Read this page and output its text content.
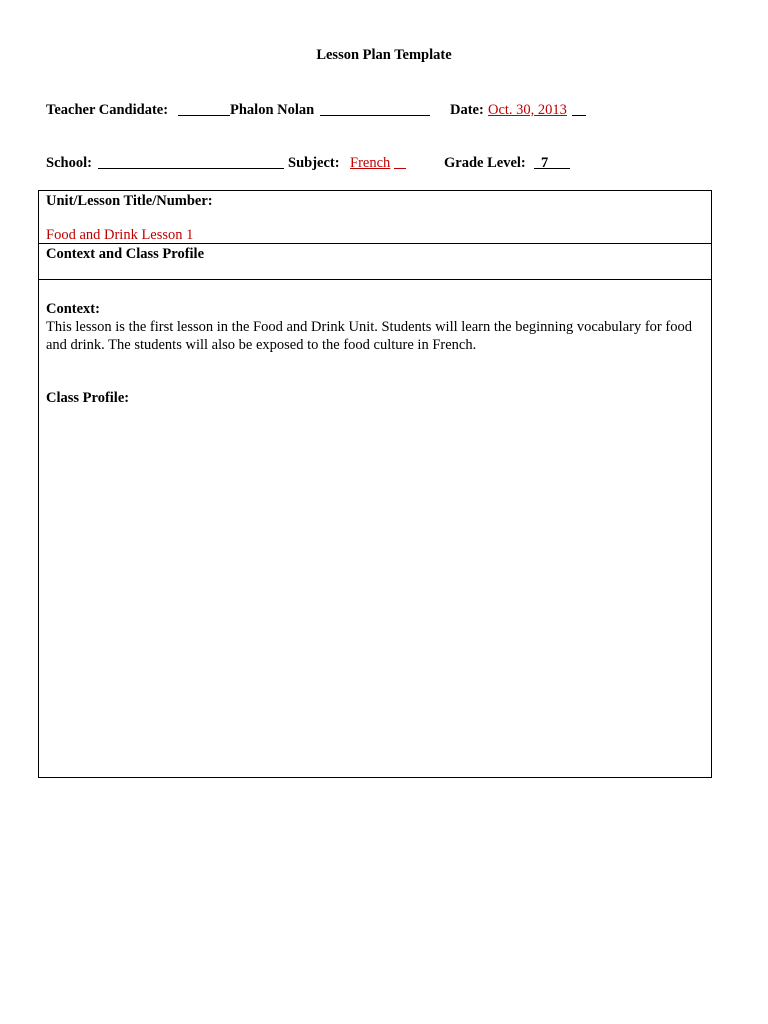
Lesson Plan Template
Teacher Candidate:	Phalon Nolan	Date: Oct. 30, 2013
School:	Subject: French	Grade Level: 7
Unit/Lesson Title/Number:
Food and Drink Lesson 1
Context and Class Profile
Context:
This lesson is the first lesson in the Food and Drink Unit. Students will learn the beginning vocabulary for food and drink. The students will also be exposed to the food culture in French.
Class Profile:
